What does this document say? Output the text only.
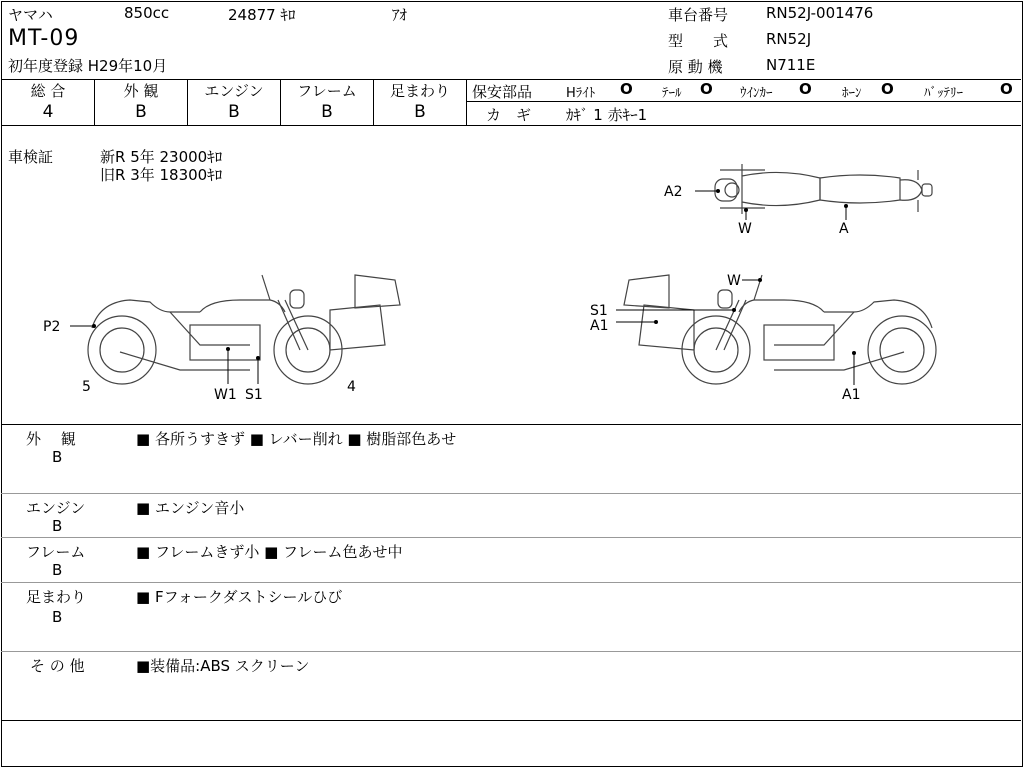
ヤマハ	850cc	24877 ｷﾛ	ｱｵ
MT-09
初年度登録 H29年10月
車台番号	RN52J-001476
型　　式	RN52J
原 動 機	N711E
総 合
4
外 観
B
エンジン
B
フレーム
B
足まわり
B
保安部品	Hﾗｲﾄ O ﾃｰﾙ O ｳｲﾝｶｰ O ﾎｰﾝ O ﾊﾞｯﾃﾘｰ O
カ　ギ ｶｷﾞ 1 赤ｷｰ1
車検証	新R 5年 23000ｷﾛ
旧R 3年 18300ｷﾛ
A2
W	A
P2
5	W1 S1	4
W
S1
A1
A1
外　 観
B
■ 各所うすきず ■ レバー削れ ■ 樹脂部色あせ
エンジン
B
■ エンジン音小
フレーム
B
■ フレームきず小 ■ フレーム色あせ中
足まわり
B
■ Fフォークダストシールひび
そ の 他	■装備品:ABS スクリーン
